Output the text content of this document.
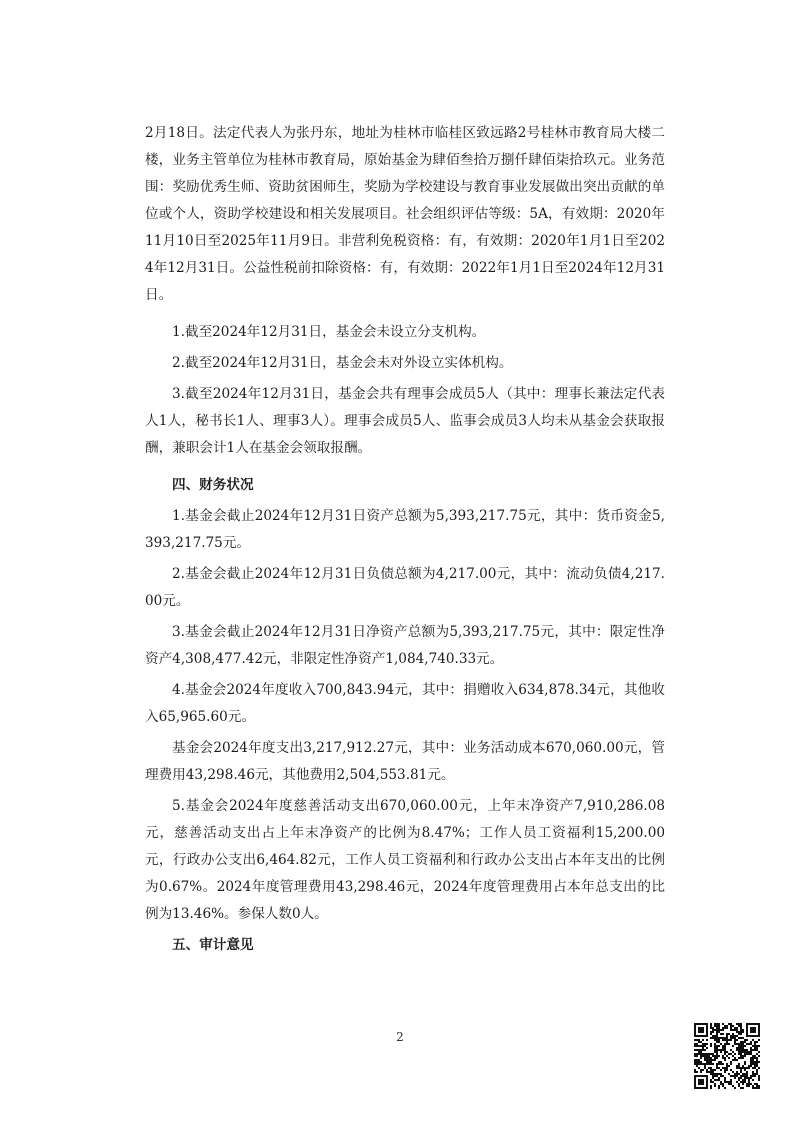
2月18日。法定代表人为张丹东，地址为桂林市临桂区致远路2号桂林市教育局大楼二楼，业务主管单位为桂林市教育局，原始基金为肆佰叁拾万捌仟肆佰柒拾玖元。业务范围：奖励优秀生师、资助贫困师生，奖励为学校建设与教育事业发展做出突出贡献的单位或个人，资助学校建设和相关发展项目。社会组织评估等级：5A，有效期：2020年11月10日至2025年11月9日。非营利免税资格：有，有效期：2020年1月1日至2024年12月31日。公益性税前扣除资格：有，有效期：2022年1月1日至2024年12月31日。

1.截至2024年12月31日，基金会未设立分支机构。

2.截至2024年12月31日，基金会未对外设立实体机构。

3.截至2024年12月31日，基金会共有理事会成员5人（其中：理事长兼法定代表人1人，秘书长1人、理事3人）。理事会成员5人、监事会成员3人均未从基金会获取报酬，兼职会计1人在基金会领取报酬。

四、财务状况

1.基金会截止2024年12月31日资产总额为5,393,217.75元，其中：货币资金5,393,217.75元。

2.基金会截止2024年12月31日负债总额为4,217.00元，其中：流动负债4,217.00元。

3.基金会截止2024年12月31日净资产总额为5,393,217.75元，其中：限定性净资产4,308,477.42元，非限定性净资产1,084,740.33元。

4.基金会2024年度收入700,843.94元，其中：捐赠收入634,878.34元，其他收入65,965.60元。

基金会2024年度支出3,217,912.27元，其中：业务活动成本670,060.00元，管理费用43,298.46元，其他费用2,504,553.81元。

5.基金会2024年度慈善活动支出670,060.00元，上年末净资产7,910,286.08元，慈善活动支出占上年末净资产的比例为8.47%；工作人员工资福利15,200.00元，行政办公支出6,464.82元，工作人员工资福利和行政办公支出占本年支出的比例为0.67%。2024年度管理费用43,298.46元，2024年度管理费用占本年总支出的比例为13.46%。参保人数0人。

五、审计意见

2
